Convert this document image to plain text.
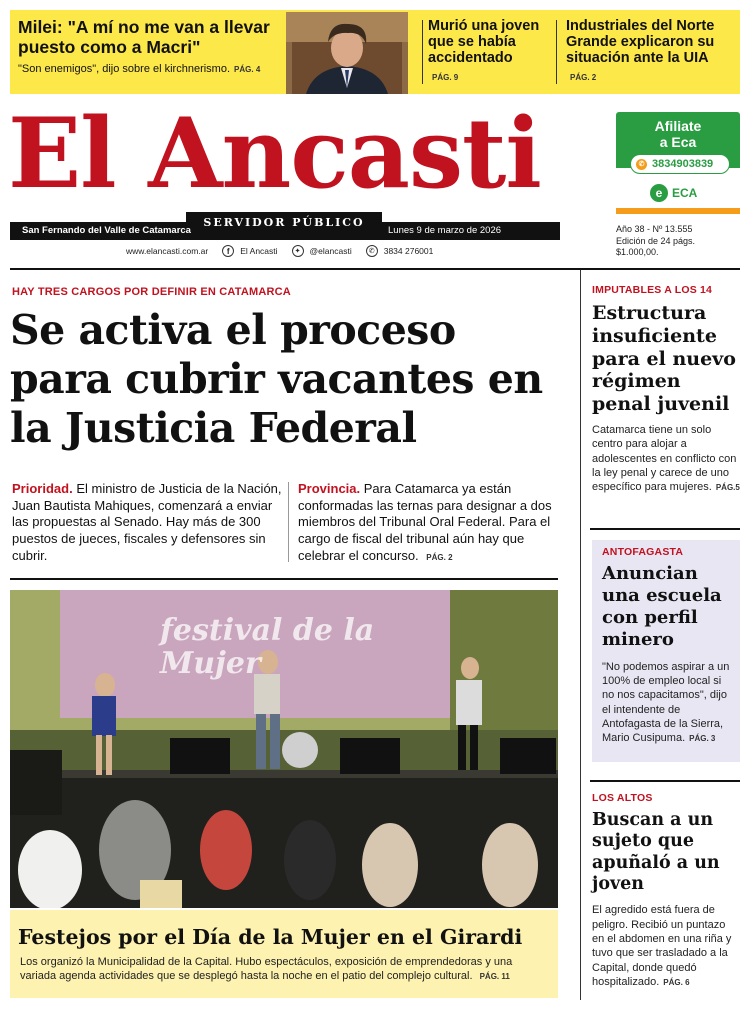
Milei: "A mí no me van a llevar puesto como a Macri"
"Son enemigos", dijo sobre el kirchnerismo. PÁG. 4
Murió una joven que se había accidentado
PÁG. 9
Industriales del Norte Grande explicaron su situación ante la UIA
PÁG. 2
El Ancasti
SERVIDOR PÚBLICO
San Fernando del Valle de Catamarca	Lunes 9 de marzo de 2026
www.elancasti.com.ar	f	El Ancasti	✦	@elancasti	✆	3834 276001
Afiliate
a Eca
✆ 3834903839
e ECA
Año 38 - Nº 13.555
Edición de 24 págs.
$1.000,00.
HAY TRES CARGOS POR DEFINIR EN CATAMARCA
Se activa el proceso para cubrir vacantes en la Justicia Federal
Prioridad. El ministro de Justicia de la Nación, Juan Bautista Mahiques, comenzará a enviar las propuestas al Senado. Hay más de 300 puestos de jueces, fiscales y defensores sin cubrir.
Provincia. Para Catamarca ya están conformadas las ternas para designar a dos miembros del Tribunal Oral Federal. Para el cargo de fiscal del tribunal aún hay que celebrar el concurso. PÁG. 2
festival de la Mujer
Festejos por el Día de la Mujer en el Girardi
Los organizó la Municipalidad de la Capital. Hubo espectáculos, exposición de emprendedoras y una variada agenda actividades que se desplegó hasta la noche en el patio del complejo cultural. PÁG. 11
IMPUTABLES A LOS 14
Estructura insuficiente para el nuevo régimen penal juvenil
Catamarca tiene un solo centro para alojar a adolescentes en conflicto con la ley penal y carece de uno específico para mujeres. PÁG.5
ANTOFAGASTA
Anuncian una escuela con perfil minero
"No podemos aspirar a un 100% de empleo local si no nos capacitamos", dijo el intendente de Antofagasta de la Sierra, Mario Cusipuma. PÁG. 3
LOS ALTOS
Buscan a un sujeto que apuñaló a un joven
El agredido está fuera de peligro. Recibió un puntazo en el abdomen en una riña y tuvo que ser trasladado a la Capital, donde quedó hospitalizado. PÁG. 6
